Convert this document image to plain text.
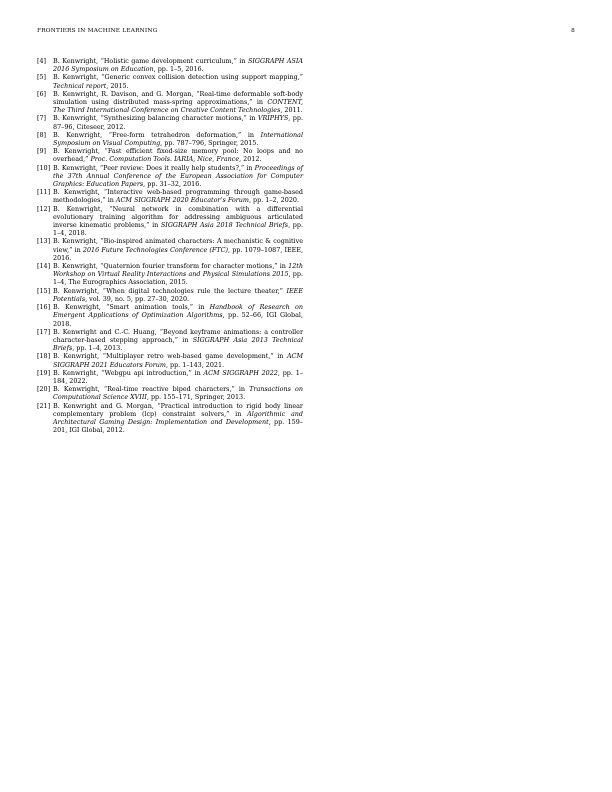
FRONTIERS IN MACHINE LEARNING	8
[4]	B. Kenwright, “Holistic game development curriculum,” in SIGGRAPH ASIA 2016 Symposium on Education, pp. 1–5, 2016.
[5]	B. Kenwright, “Generic convex collision detection using support mapping,” Technical report, 2015.
[6]	B. Kenwright, R. Davison, and G. Morgan, “Real-time deformable soft-body simulation using distributed mass-spring approximations,” in CONTENT, The Third International Conference on Creative Content Technologies, 2011.
[7]	B. Kenwright, “Synthesizing balancing character motions,” in VRIPHYS, pp. 87–96, Citeseer, 2012.
[8]	B. Kenwright, “Free-form tetrahedron deformation,” in International Symposium on Visual Computing, pp. 787–796, Springer, 2015.
[9]	B. Kenwright, “Fast efficient fixed-size memory pool: No loops and no overhead,” Proc. Computation Tools. IARIA, Nice, France, 2012.
[10] B. Kenwright, “Peer review: Does it really help students?,” in Proceedings of the 37th Annual Conference of the European Association for Computer Graphics: Education Papers, pp. 31–32, 2016.
[11] B. Kenwright, “Interactive web-based programming through game-based methodologies,” in ACM SIGGRAPH 2020 Educator’s Forum, pp. 1–2, 2020.
[12] B. Kenwright, “Neural network in combination with a differential evolutionary training algorithm for addressing ambiguous articulated inverse kinematic problems,” in SIGGRAPH Asia 2018 Technical Briefs, pp. 1–4, 2018.
[13] B. Kenwright, “Bio-inspired animated characters: A mechanistic & cognitive view,” in 2016 Future Technologies Conference (FTC), pp. 1079–1087, IEEE, 2016.
[14] B. Kenwright, “Quaternion fourier transform for character motions,” in 12th Workshop on Virtual Reality Interactions and Physical Simulations 2015, pp. 1–4, The Eurographics Association, 2015.
[15] B. Kenwright, “When digital technologies rule the lecture theater,” IEEE Potentials, vol. 39, no. 5, pp. 27–30, 2020.
[16] B. Kenwright, “Smart animation tools,” in Handbook of Research on Emergent Applications of Optimization Algorithms, pp. 52–66, IGI Global, 2018.
[17] B. Kenwright and C.-C. Huang, “Beyond keyframe animations: a controller character-based stepping approach,” in SIGGRAPH Asia 2013 Technical Briefs, pp. 1–4, 2013.
[18] B. Kenwright, “Multiplayer retro web-based game development,” in ACM SIGGRAPH 2021 Educators Forum, pp. 1–143, 2021.
[19] B. Kenwright, “Webgpu api introduction,” in ACM SIGGRAPH 2022, pp. 1–184, 2022.
[20] B. Kenwright, “Real-time reactive biped characters,” in Transactions on Computational Science XVIII, pp. 155–171, Springer, 2013.
[21] B. Kenwright and G. Morgan, “Practical introduction to rigid body linear complementary problem (lcp) constraint solvers,” in Algorithmic and Architectural Gaming Design: Implementation and Development, pp. 159–201, IGI Global, 2012.
